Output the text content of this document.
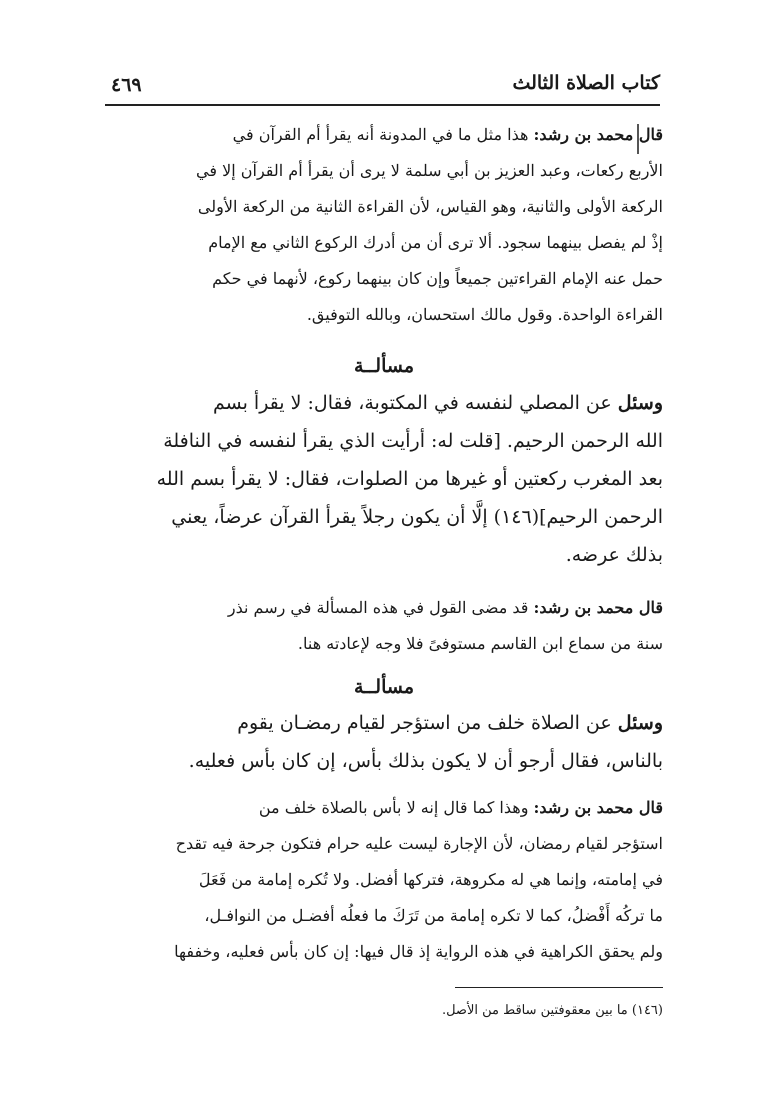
كتاب الصلاة الثالث
٤٦٩
قال محمد بن رشد: هذا مثل ما في المدونة أنه يقرأ أم القرآن في
الأربع ركعات، وعبد العزيز بن أبي سلمة لا يرى أن يقرأ أم القرآن إلا في
الركعة الأولى والثانية، وهو القياس، لأن القراءة الثانية من الركعة الأولى
إذْ لم يفصل بينهما سجود. ألا ترى أن من أدرك الركوع الثاني مع الإمام
حمل عنه الإمام القراءتين جميعاً وإن كان بينهما ركوع، لأنهما في حكم
القراءة الواحدة. وقول مالك استحسان، وبالله التوفيق.
مسألــة
وسئل عن المصلي لنفسه في المكتوبة، فقال: لا يقرأ بسم
الله الرحمن الرحيم. [قلت له: أرأيت الذي يقرأ لنفسه في النافلة
بعد المغرب ركعتين أو غيرها من الصلوات، فقال: لا يقرأ بسم الله
الرحمن الرحيم](١٤٦) إلَّا أن يكون رجلاً يقرأ القرآن عرضاً، يعني
بذلك عرضه.
قال محمد بن رشد: قد مضى القول في هذه المسألة في رسم نذر
سنة من سماع ابن القاسم مستوفىً فلا وجه لإعادته هنا.
مسألــة
وسئل عن الصلاة خلف من استؤجر لقيام رمضـان يقوم
بالناس، فقال أرجو أن لا يكون بذلك بأس، إن كان بأس فعليه.
قال محمد بن رشد: وهذا كما قال إنه لا بأس بالصلاة خلف من
استؤجر لقيام رمضان، لأن الإجارة ليست عليه حرام فتكون جرحة فيه تقدح
في إمامته، وإنما هي له مكروهة، فتركها أفضل. ولا تُكره إمامة من فَعَلَ
ما تركُه أَفْضلُ، كما لا تكره إمامة من تَرَكَ ما فعلُه أفضـل من النوافـل،
ولم يحقق الكراهية في هذه الرواية إذ قال فيها: إن كان بأس فعليه، وخففها
(١٤٦) ما بين معقوفتين ساقط من الأصل.
